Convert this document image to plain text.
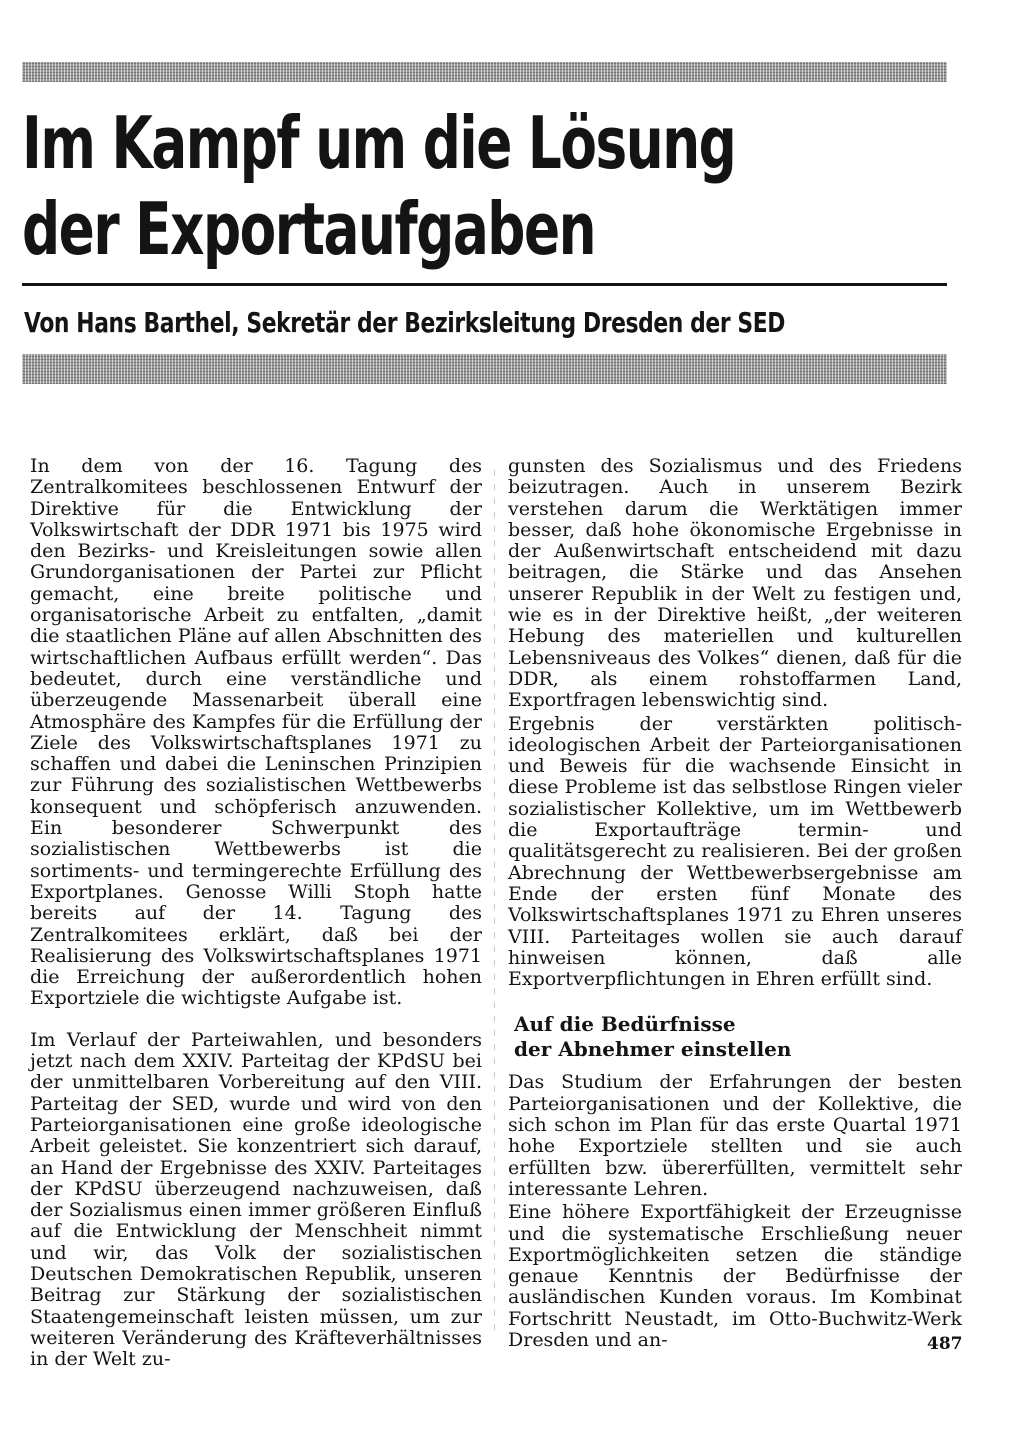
Im Kampf um die Lösung
der Exportaufgaben

Von Hans Barthel, Sekretär der Bezirksleitung Dresden der SED

In dem von der 16. Tagung des Zentralkomitees beschlossenen Entwurf der Direktive für die Entwicklung der Volkswirtschaft der DDR 1971 bis 1975 wird den Bezirks- und Kreisleitungen sowie allen Grundorganisationen der Partei zur Pflicht gemacht, eine breite politische und organisatorische Arbeit zu entfalten, „damit die staatlichen Pläne auf allen Abschnitten des wirtschaftlichen Aufbaus erfüllt werden“. Das bedeutet, durch eine verständliche und überzeugende Massenarbeit überall eine Atmosphäre des Kampfes für die Erfüllung der Ziele des Volkswirtschaftsplanes 1971 zu schaffen und dabei die Leninschen Prinzipien zur Führung des sozialistischen Wettbewerbs konsequent und schöpferisch anzuwenden. Ein besonderer Schwerpunkt des sozialistischen Wettbewerbs ist die sortiments- und termingerechte Erfüllung des Exportplanes. Genosse Willi Stoph hatte bereits auf der 14. Tagung des Zentralkomitees erklärt, daß bei der Realisierung des Volkswirtschaftsplanes 1971 die Erreichung der außerordentlich hohen Exportziele die wichtigste Aufgabe ist.

Im Verlauf der Parteiwahlen, und besonders jetzt nach dem XXIV. Parteitag der KPdSU bei der unmittelbaren Vorbereitung auf den VIII. Parteitag der SED, wurde und wird von den Parteiorganisationen eine große ideologische Arbeit geleistet. Sie konzentriert sich darauf, an Hand der Ergebnisse des XXIV. Parteitages der KPdSU überzeugend nachzuweisen, daß der Sozialismus einen immer größeren Einfluß auf die Entwicklung der Menschheit nimmt und wir, das Volk der sozialistischen Deutschen Demokratischen Republik, unseren Beitrag zur Stärkung der sozialistischen Staatengemeinschaft leisten müssen, um zur weiteren Veränderung des Kräfteverhältnisses in der Welt zu-

gunsten des Sozialismus und des Friedens beizutragen. Auch in unserem Bezirk verstehen darum die Werktätigen immer besser, daß hohe ökonomische Ergebnisse in der Außenwirtschaft entscheidend mit dazu beitragen, die Stärke und das Ansehen unserer Republik in der Welt zu festigen und, wie es in der Direktive heißt, „der weiteren Hebung des materiellen und kulturellen Lebensniveaus des Volkes“ dienen, daß für die DDR, als einem rohstoffarmen Land, Exportfragen lebenswichtig sind.

Ergebnis der verstärkten politisch-ideologischen Arbeit der Parteiorganisationen und Beweis für die wachsende Einsicht in diese Probleme ist das selbstlose Ringen vieler sozialistischer Kollektive, um im Wettbewerb die Exportaufträge termin- und qualitätsgerecht zu realisieren. Bei der großen Abrechnung der Wettbewerbsergebnisse am Ende der ersten fünf Monate des Volkswirtschaftsplanes 1971 zu Ehren unseres VIII. Parteitages wollen sie auch darauf hinweisen können, daß alle Exportverpflichtungen in Ehren erfüllt sind.

Auf die Bedürfnisse
der Abnehmer einstellen

Das Studium der Erfahrungen der besten Parteiorganisationen und der Kollektive, die sich schon im Plan für das erste Quartal 1971 hohe Exportziele stellten und sie auch erfüllten bzw. übererfüllten, vermittelt sehr interessante Lehren.

Eine höhere Exportfähigkeit der Erzeugnisse und die systematische Erschließung neuer Exportmöglichkeiten setzen die ständige genaue Kenntnis der Bedürfnisse der ausländischen Kunden voraus. Im Kombinat Fortschritt Neustadt, im Otto-Buchwitz-Werk Dresden und an-	487
